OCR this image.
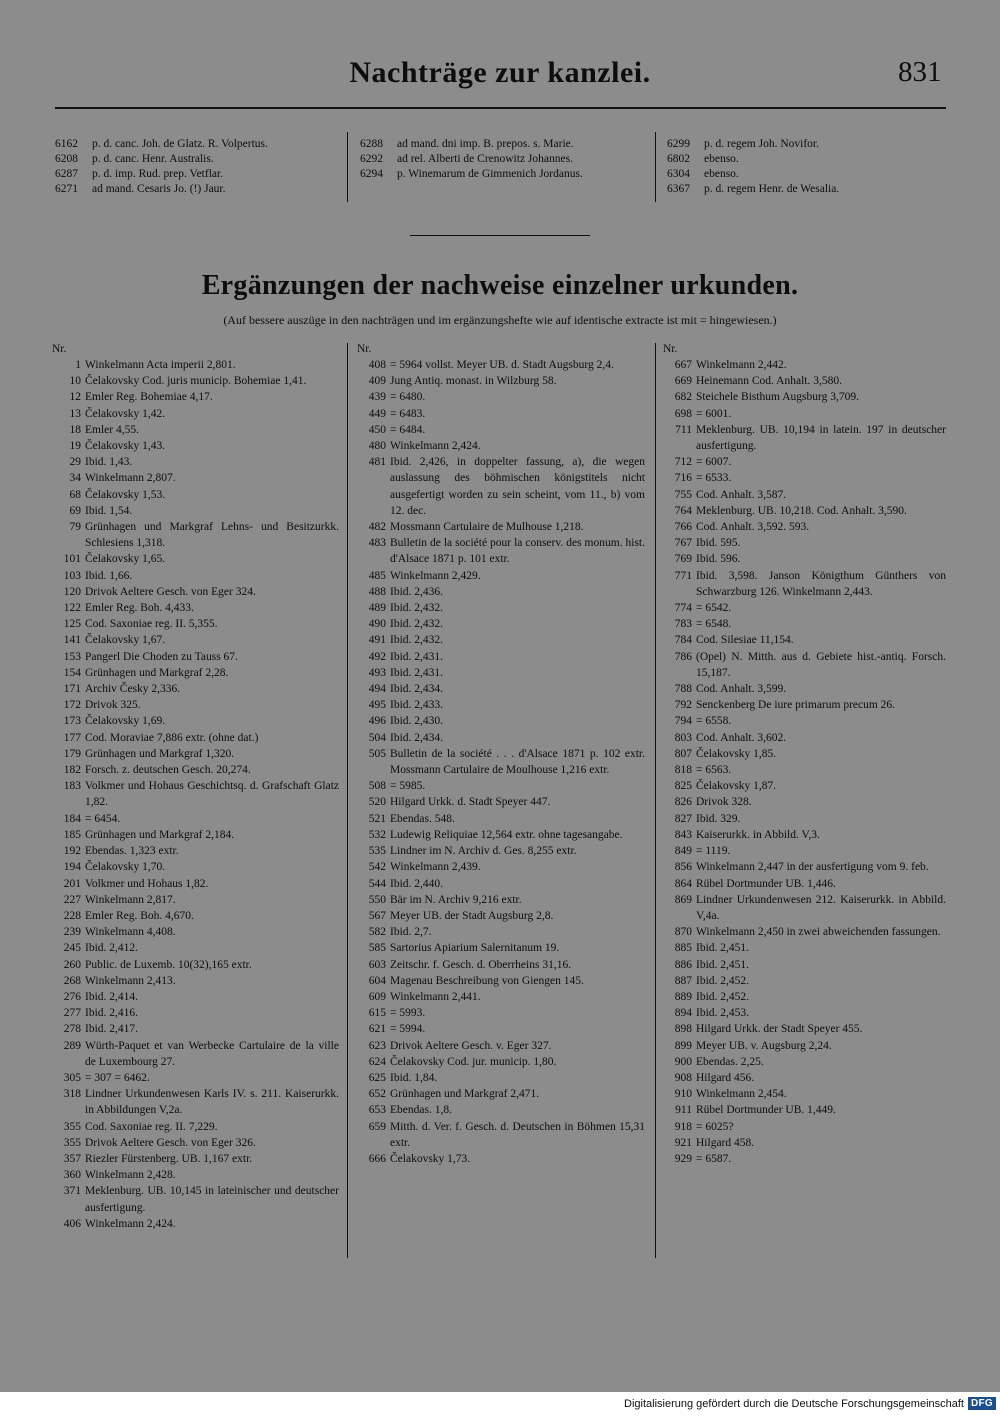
Nachträge zur kanzlei.	831
6162	p. d. canc. Joh. de Glatz. R. Volpertus.
6208	p. d. canc. Henr. Australis.
6287	p. d. imp. Rud. prep. Vetflar.
6271	ad mand. Cesaris Jo. (!) Jaur.
6288	ad mand. dni imp. B. prepos. s. Marie.
6292	ad rel. Alberti de Crenowitz Johannes.
6294	p. Winemarum de Gimmenich Jordanus.
6299	p. d. regem Joh. Novifor.
6802	ebenso.
6304	ebenso.
6367	p. d. regem Henr. de Wesalia.
Ergänzungen der nachweise einzelner urkunden.
(Auf bessere auszüge in den nachträgen und im ergänzungshefte wie auf identische extracte ist mit = hingewiesen.)
Nr.
1 Winkelmann Acta imperii 2,801.
10 Čelakovsky Cod. juris municip. Bohemiae 1,41.
12 Emler Reg. Bohemiae 4,17.
13 Čelakovsky 1,42.
18 Emler 4,55.
19 Čelakovsky 1,43.
29 Ibid. 1,43.
34 Winkelmann 2,807.
68 Čelakovsky 1,53.
69 Ibid. 1,54.
79 Grünhagen und Markgraf Lehns- und Besitzurkk. Schlesiens 1,318.
101 Čelakovsky 1,65.
103 Ibid. 1,66.
120 Drivok Aeltere Gesch. von Eger 324.
122 Emler Reg. Boh. 4,433.
125 Cod. Saxoniae reg. II. 5,355.
141 Čelakovsky 1,67.
153 Pangerl Die Choden zu Tauss 67.
154 Grünhagen und Markgraf 2,28.
171 Archiv Česky 2,336.
172 Drivok 325.
173 Čelakovsky 1,69.
177 Cod. Moraviae 7,886 extr. (ohne dat.)
179 Grünhagen und Markgraf 1,320.
182 Forsch. z. deutschen Gesch. 20,274.
183 Volkmer und Hohaus Geschichtsq. d. Grafschaft Glatz 1,82.
184 = 6454.
185 Grünhagen und Markgraf 2,184.
192 Ebendas. 1,323 extr.
194 Čelakovsky 1,70.
201 Volkmer und Hohaus 1,82.
227 Winkelmann 2,817.
228 Emler Reg. Boh. 4,670.
239 Winkelmann 4,408.
245 Ibid. 2,412.
260 Public. de Luxemb. 10(32),165 extr.
268 Winkelmann 2,413.
276 Ibid. 2,414.
277 Ibid. 2,416.
278 Ibid. 2,417.
289 Würth-Paquet et van Werbecke Cartulaire de la ville de Luxembourg 27.
305 = 307 = 6462.
318 Lindner Urkundenwesen Karls IV. s. 211. Kaiserurkk. in Abbildungen V,2a.
355 Cod. Saxoniae reg. II. 7,229.
355 Drivok Aeltere Gesch. von Eger 326.
357 Riezler Fürstenberg. UB. 1,167 extr.
360 Winkelmann 2,428.
371 Meklenburg. UB. 10,145 in lateinischer und deutscher ausfertigung.
406 Winkelmann 2,424.
Nr.
408 = 5964 vollst. Meyer UB. d. Stadt Augsburg 2,4.
409 Jung Antiq. monast. in Wilzburg 58.
439 = 6480.
449 = 6483.
450 = 6484.
480 Winkelmann 2,424.
481 Ibid. 2,426, in doppelter fassung, a), die wegen auslassung des böhmischen königstitels nicht ausgefertigt worden zu sein scheint, vom 11., b) vom 12. dec.
482 Mossmann Cartulaire de Mulhouse 1,218.
483 Bulletin de la société pour la conserv. des monum. hist. d'Alsace 1871 p. 101 extr.
485 Winkelmann 2,429.
488 Ibid. 2,436.
489 Ibid. 2,432.
490 Ibid. 2,432.
491 Ibid. 2,432.
492 Ibid. 2,431.
493 Ibid. 2,431.
494 Ibid. 2,434.
495 Ibid. 2,433.
496 Ibid. 2,430.
504 Ibid. 2,434.
505 Bulletin de la société . . . d'Alsace 1871 p. 102 extr. Mossmann Cartulaire de Moulhouse 1,216 extr.
508 = 5985.
520 Hilgard Urkk. d. Stadt Speyer 447.
521 Ebendas. 548.
532 Ludewig Reliquiae 12,564 extr. ohne tagesangabe.
535 Lindner im N. Archiv d. Ges. 8,255 extr.
542 Winkelmann 2,439.
544 Ibid. 2,440.
550 Bär im N. Archiv 9,216 extr.
567 Meyer UB. der Stadt Augsburg 2,8.
582 Ibid. 2,7.
585 Sartorius Apiarium Salernitanum 19.
603 Zeitschr. f. Gesch. d. Oberrheins 31,16.
604 Magenau Beschreibung von Giengen 145.
609 Winkelmann 2,441.
615 = 5993.
621 = 5994.
623 Drivok Aeltere Gesch. v. Eger 327.
624 Čelakovsky Cod. jur. municip. 1,80.
625 Ibid. 1,84.
652 Grünhagen und Markgraf 2,471.
653 Ebendas. 1,8.
659 Mitth. d. Ver. f. Gesch. d. Deutschen in Böhmen 15,31 extr.
666 Čelakovsky 1,73.
Nr.
667 Winkelmann 2,442.
669 Heinemann Cod. Anhalt. 3,580.
682 Steichele Bisthum Augsburg 3,709.
698 = 6001.
711 Meklenburg. UB. 10,194 in latein. 197 in deutscher ausfertigung.
712 = 6007.
716 = 6533.
755 Cod. Anhalt. 3,587.
764 Meklenburg. UB. 10,218. Cod. Anhalt. 3,590.
766 Cod. Anhalt. 3,592. 593.
767 Ibid. 595.
769 Ibid. 596.
771 Ibid. 3,598. Janson Königthum Günthers von Schwarzburg 126. Winkelmann 2,443.
774 = 6542.
783 = 6548.
784 Cod. Silesiae 11,154.
786 (Opel) N. Mitth. aus d. Gebiete hist.-antiq. Forsch. 15,187.
788 Cod. Anhalt. 3,599.
792 Senckenberg De iure primarum precum 26.
794 = 6558.
803 Cod. Anhalt. 3,602.
807 Čelakovsky 1,85.
818 = 6563.
825 Čelakovsky 1,87.
826 Drivok 328.
827 Ibid. 329.
843 Kaiserurkk. in Abbild. V,3.
849 = 1119.
856 Winkelmann 2,447 in der ausfertigung vom 9. feb.
864 Rübel Dortmunder UB. 1,446.
869 Lindner Urkundenwesen 212. Kaiserurkk. in Abbild. V,4a.
870 Winkelmann 2,450 in zwei abweichenden fassungen.
885 Ibid. 2,451.
886 Ibid. 2,451.
887 Ibid. 2,452.
889 Ibid. 2,452.
894 Ibid. 2,453.
898 Hilgard Urkk. der Stadt Speyer 455.
899 Meyer UB. v. Augsburg 2,24.
900 Ebendas. 2,25.
908 Hilgard 456.
910 Winkelmann 2,454.
911 Rübel Dortmunder UB. 1,449.
918 = 6025?
921 Hilgard 458.
929 = 6587.
Digitalisierung gefördert durch die Deutsche Forschungsgemeinschaft DFG
